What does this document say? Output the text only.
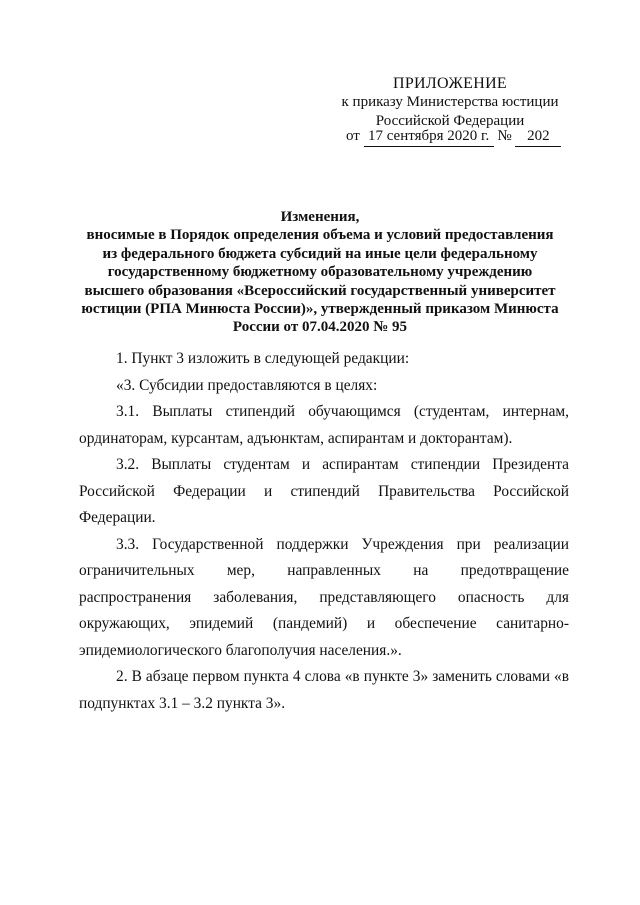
ПРИЛОЖЕНИЕ
к приказу Министерства юстиции
Российской Федерации
от 17 сентября 2020 г. № 202
Изменения,
вносимые в Порядок определения объема и условий предоставления
из федерального бюджета субсидий на иные цели федеральному
государственному бюджетному образовательному учреждению
высшего образования «Всероссийский государственный университет
юстиции (РПА Минюста России)», утвержденный приказом Минюста
России от 07.04.2020 № 95

1. Пункт 3 изложить в следующей редакции:

«3. Субсидии предоставляются в целях:

3.1. Выплаты стипендий обучающимся (студентам, интернам, ординаторам, курсантам, адъюнктам, аспирантам и докторантам).

3.2. Выплаты студентам и аспирантам стипендии Президента Российской Федерации и стипендий Правительства Российской Федерации.

3.3. Государственной поддержки Учреждения при реализации ограничительных мер, направленных на предотвращение распространения заболевания, представляющего опасность для окружающих, эпидемий (пандемий) и обеспечение санитарно-эпидемиологического благополучия населения.».

2. В абзаце первом пункта 4 слова «в пункте 3» заменить словами «в подпунктах 3.1 – 3.2 пункта 3».
